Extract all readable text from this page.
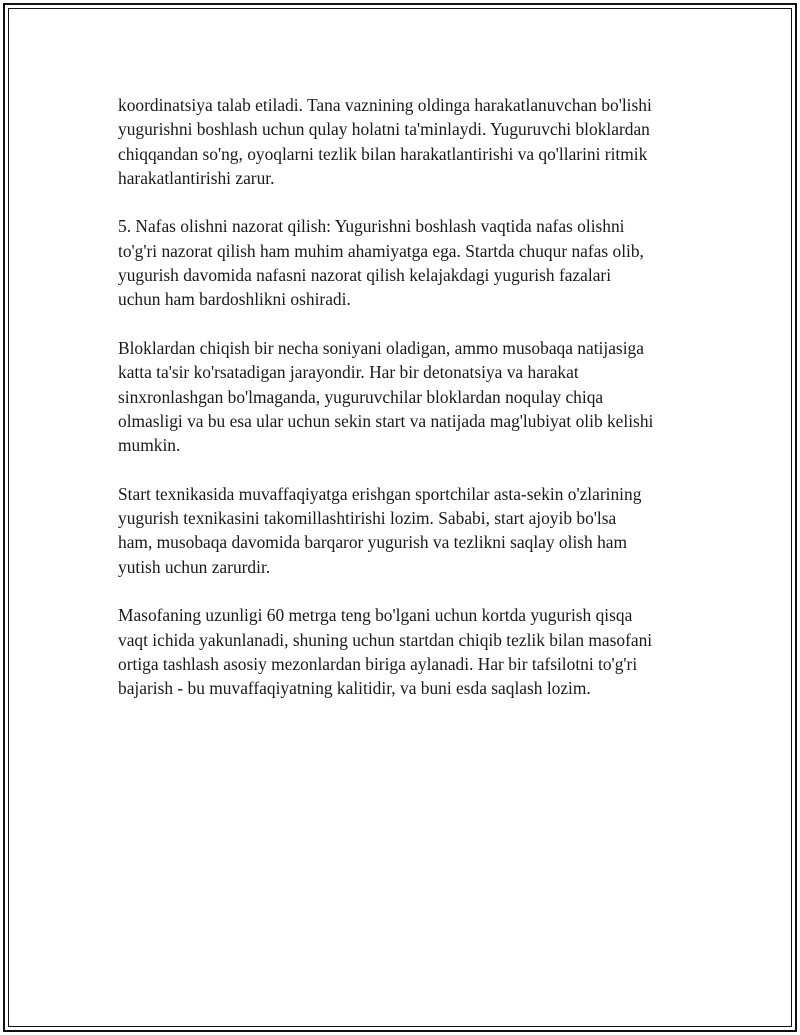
koordinatsiya talab etiladi. Tana vaznining oldinga harakatlanuvchan bo'lishi
yugurishni boshlash uchun qulay holatni ta'minlaydi. Yuguruvchi bloklardan
chiqqandan so'ng, oyoqlarni tezlik bilan harakatlantirishi va qo'llarini ritmik
harakatlantirishi zarur.

5. Nafas olishni nazorat qilish: Yugurishni boshlash vaqtida nafas olishni
to'g'ri nazorat qilish ham muhim ahamiyatga ega. Startda chuqur nafas olib,
yugurish davomida nafasni nazorat qilish kelajakdagi yugurish fazalari
uchun ham bardoshlikni oshiradi.

Bloklardan chiqish bir necha soniyani oladigan, ammo musobaqa natijasiga
katta ta'sir ko'rsatadigan jarayondir. Har bir detonatsiya va harakat
sinxronlashgan bo'lmaganda, yuguruvchilar bloklardan noqulay chiqa
olmasligi va bu esa ular uchun sekin start va natijada mag'lubiyat olib kelishi
mumkin.

Start texnikasida muvaffaqiyatga erishgan sportchilar asta-sekin o'zlarining
yugurish texnikasini takomillashtirishi lozim. Sababi, start ajoyib bo'lsa
ham, musobaqa davomida barqaror yugurish va tezlikni saqlay olish ham
yutish uchun zarurdir.

Masofaning uzunligi 60 metrga teng bo'lgani uchun kortda yugurish qisqa
vaqt ichida yakunlanadi, shuning uchun startdan chiqib tezlik bilan masofani
ortiga tashlash asosiy mezonlardan biriga aylanadi. Har bir tafsilotni to'g'ri
bajarish - bu muvaffaqiyatning kalitidir, va buni esda saqlash lozim.
